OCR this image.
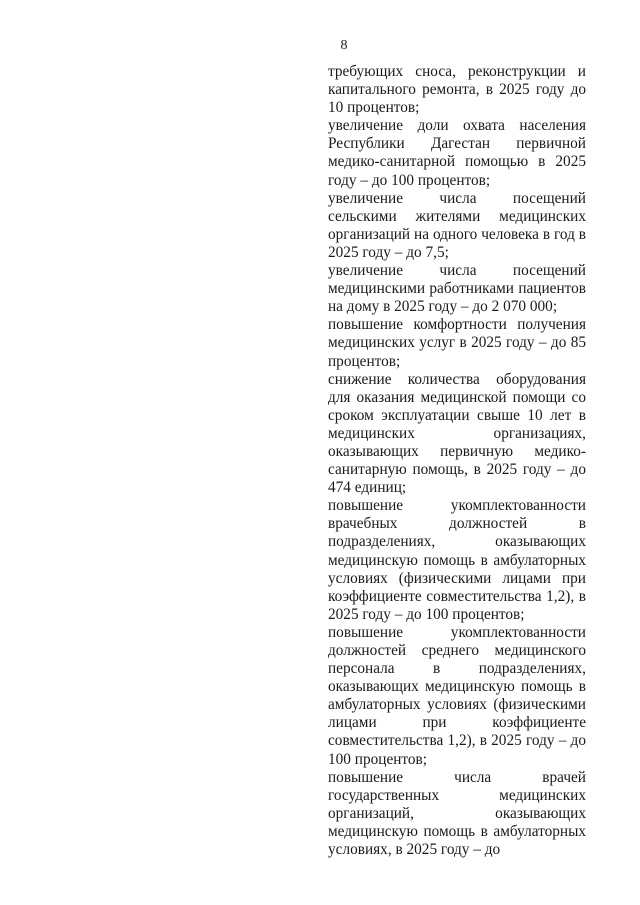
8

требующих сноса, реконструкции и капитального ремонта, в 2025 году до 10 процентов;

увеличение доли охвата населения Республики Дагестан первичной медико-санитарной помощью в 2025 году – до 100 процентов;

увеличение числа посещений сельскими жителями медицинских организаций на одного человека в год в 2025 году – до 7,5;

увеличение числа посещений медицинскими работниками пациентов на дому в 2025 году – до 2 070 000;

повышение комфортности получения медицинских услуг в 2025 году – до 85 процентов;

снижение количества оборудования для оказания медицинской помощи со сроком эксплуатации свыше 10 лет в медицинских организациях, оказывающих первичную медико-санитарную помощь, в 2025 году – до 474 единиц;

повышение укомплектованности врачебных должностей в подразделениях, оказывающих медицинскую помощь в амбулаторных условиях (физическими лицами при коэффициенте совместительства 1,2), в 2025 году – до 100 процентов;

повышение укомплектованности должностей среднего медицинского персонала в подразделениях, оказывающих медицинскую помощь в амбулаторных условиях (физическими лицами при коэффициенте совместительства 1,2), в 2025 году – до 100 процентов;

повышение числа врачей государственных медицинских организаций, оказывающих медицинскую помощь в амбулаторных условиях, в 2025 году – до
